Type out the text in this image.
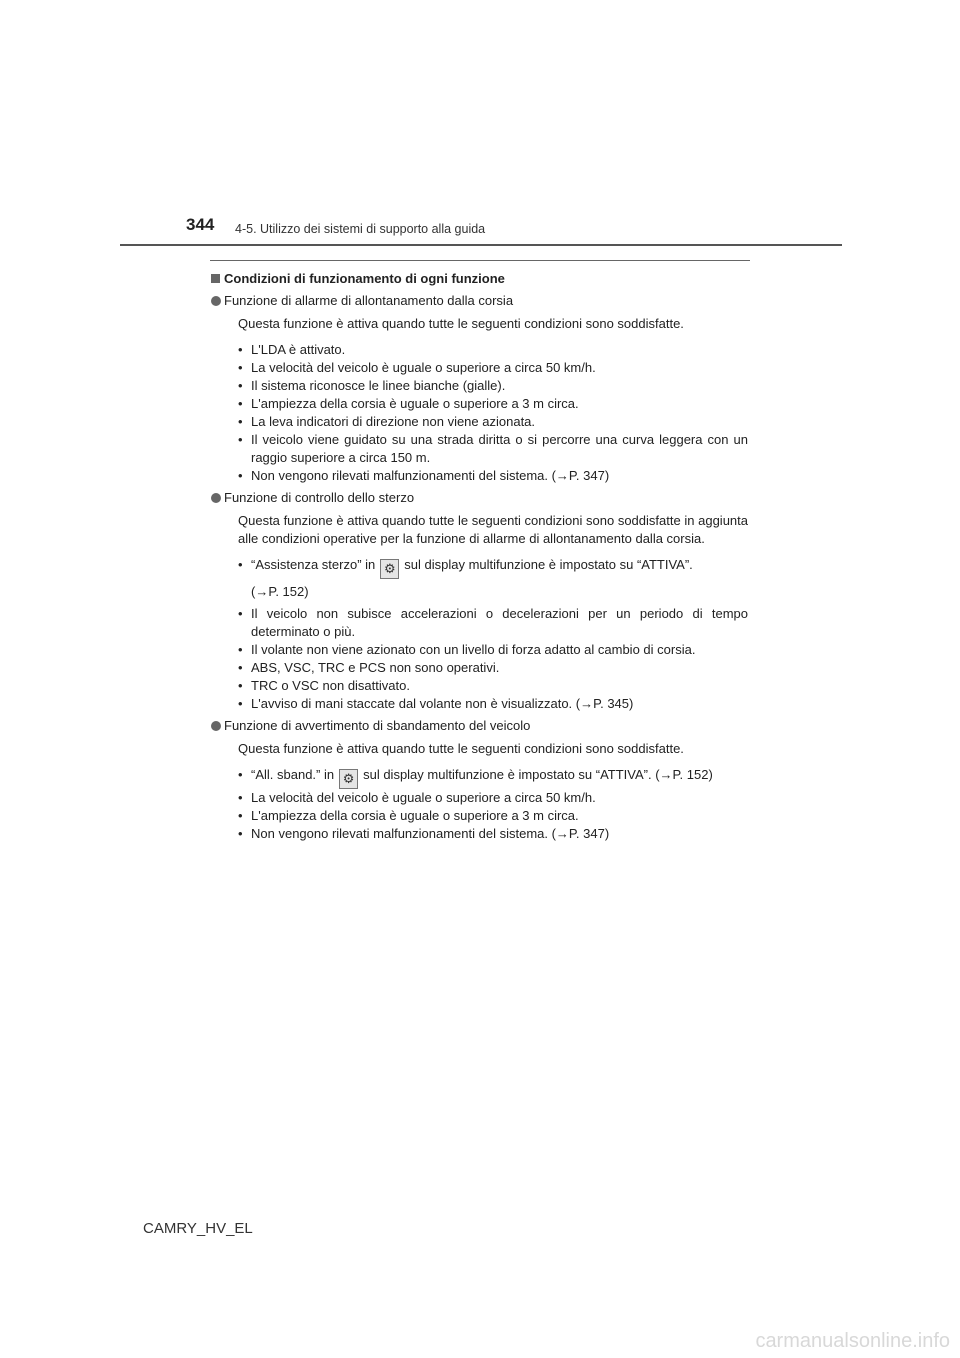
344 4-5. Utilizzo dei sistemi di supporto alla guida
Condizioni di funzionamento di ogni funzione
Funzione di allarme di allontanamento dalla corsia
Questa funzione è attiva quando tutte le seguenti condizioni sono soddisfatte.
• L'LDA è attivato.
• La velocità del veicolo è uguale o superiore a circa 50 km/h.
• Il sistema riconosce le linee bianche (gialle).
• L'ampiezza della corsia è uguale o superiore a 3 m circa.
• La leva indicatori di direzione non viene azionata.
• Il veicolo viene guidato su una strada diritta o si percorre una curva leggera con un raggio superiore a circa 150 m.
• Non vengono rilevati malfunzionamenti del sistema. (→P. 347)
Funzione di controllo dello sterzo
Questa funzione è attiva quando tutte le seguenti condizioni sono soddisfatte in aggiunta alle condizioni operative per la funzione di allarme di allontanamento dalla corsia.
• “Assistenza sterzo” in ⚙ sul display multifunzione è impostato su “ATTIVA”.
(→P. 152)
• Il veicolo non subisce accelerazioni o decelerazioni per un periodo di tempo determinato o più.
• Il volante non viene azionato con un livello di forza adatto al cambio di corsia.
• ABS, VSC, TRC e PCS non sono operativi.
• TRC o VSC non disattivato.
• L'avviso di mani staccate dal volante non è visualizzato. (→P. 345)
Funzione di avvertimento di sbandamento del veicolo
Questa funzione è attiva quando tutte le seguenti condizioni sono soddisfatte.
• “All. sband.” in ⚙ sul display multifunzione è impostato su “ATTIVA”. (→P. 152)
• La velocità del veicolo è uguale o superiore a circa 50 km/h.
• L'ampiezza della corsia è uguale o superiore a 3 m circa.
• Non vengono rilevati malfunzionamenti del sistema. (→P. 347)
CAMRY_HV_EL
carmanualsonline.info
